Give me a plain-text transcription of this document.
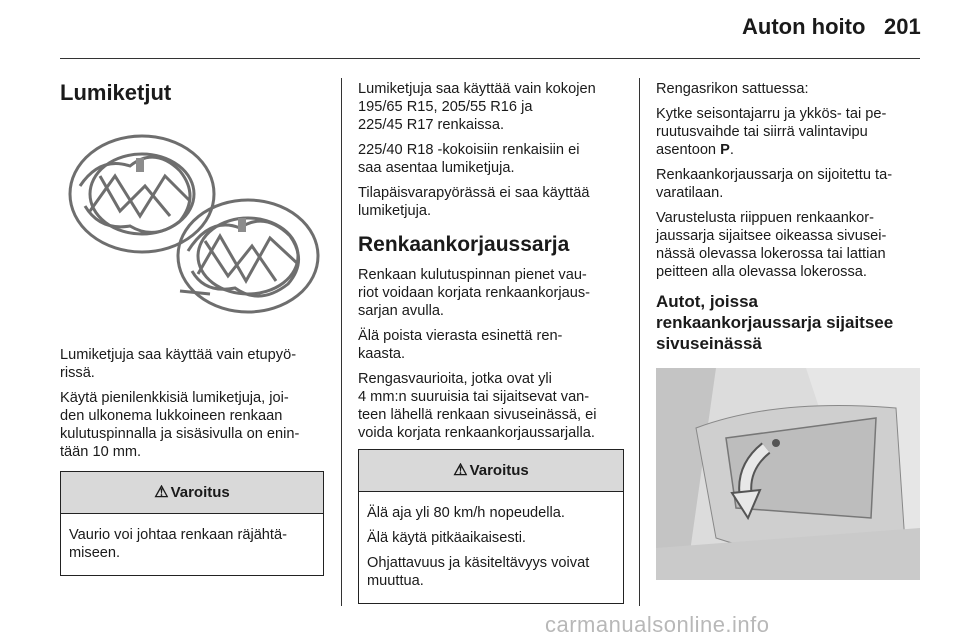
Auton hoito 201
Lumiketjut

Lumiketjuja saa käyttää vain etupyö-
rissä.

Käytä pienilenkkisiä lumiketjuja, joi-
den ulkonema lukkoineen renkaan
kulutuspinnalla ja sisäsivulla on enin-
tään 10 mm.

⚠ Varoitus

Vaurio voi johtaa renkaan räjähtä-
miseen.

Lumiketjuja saa käyttää vain kokojen
195/65 R15, 205/55 R16 ja
225/45 R17 renkaissa.

225/40 R18 -kokoisiin renkaisiin ei
saa asentaa lumiketjuja.

Tilapäisvarapyörässä ei saa käyttää
lumiketjuja.

Renkaankorjaussarja

Renkaan kulutuspinnan pienet vau-
riot voidaan korjata renkaankorjaus-
sarjan avulla.

Älä poista vierasta esinettä ren-
kaasta.

Rengasvaurioita, jotka ovat yli
4 mm:n suuruisia tai sijaitsevat van-
teen lähellä renkaan sivuseinässä, ei
voida korjata renkaankorjaussarjalla.

⚠ Varoitus

Älä aja yli 80 km/h nopeudella.

Älä käytä pitkäaikaisesti.

Ohjattavuus ja käsiteltävyys voivat
muuttua.

Rengasrikon sattuessa:

Kytke seisontajarru ja ykkös- tai pe-
ruutusvaihde tai siirrä valintavipu
asentoon P.

Renkaankorjaussarja on sijoitettu ta-
varatilaan.

Varustelusta riippuen renkaankor-
jaussarja sijaitsee oikeassa sivusei-
nässä olevassa lokerossa tai lattian
peitteen alla olevassa lokerossa.

Autot, joissa
renkaankorjaussarja sijaitsee
sivuseinässä
carmanualsonline.info
